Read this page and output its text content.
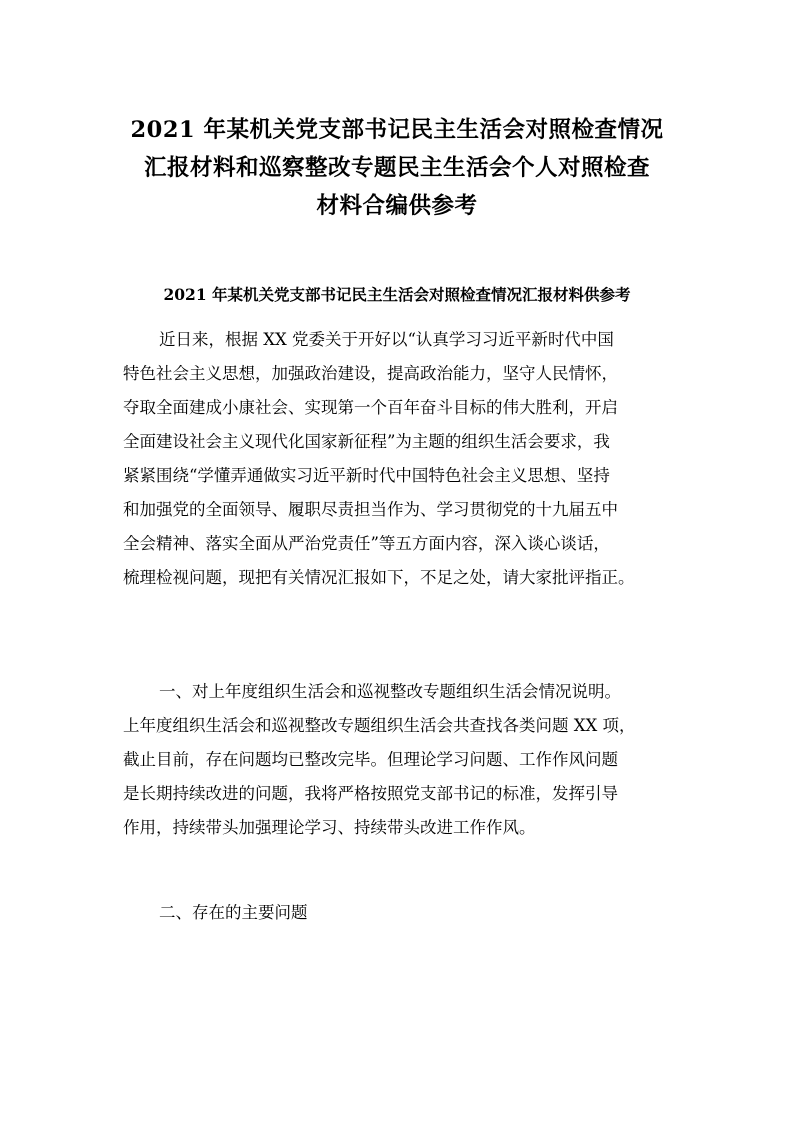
2021 年某机关党支部书记民主生活会对照检查情况
汇报材料和巡察整改专题民主生活会个人对照检查
材料合编供参考
2021 年某机关党支部书记民主生活会对照检查情况汇报材料供参考
近日来，根据 XX 党委关于开好以“认真学习习近平新时代中国
特色社会主义思想，加强政治建设，提高政治能力，坚守人民情怀，
夺取全面建成小康社会、实现第一个百年奋斗目标的伟大胜利，开启
全面建设社会主义现代化国家新征程”为主题的组织生活会要求，我
紧紧围绕“学懂弄通做实习近平新时代中国特色社会主义思想、坚持
和加强党的全面领导、履职尽责担当作为、学习贯彻党的十九届五中
全会精神、落实全面从严治党责任”等五方面内容，深入谈心谈话，
梳理检视问题，现把有关情况汇报如下，不足之处，请大家批评指正。
一、对上年度组织生活会和巡视整改专题组织生活会情况说明。
上年度组织生活会和巡视整改专题组织生活会共查找各类问题 XX 项，
截止目前，存在问题均已整改完毕。但理论学习问题、工作作风问题
是长期持续改进的问题，我将严格按照党支部书记的标准，发挥引导
作用，持续带头加强理论学习、持续带头改进工作作风。
二、存在的主要问题
